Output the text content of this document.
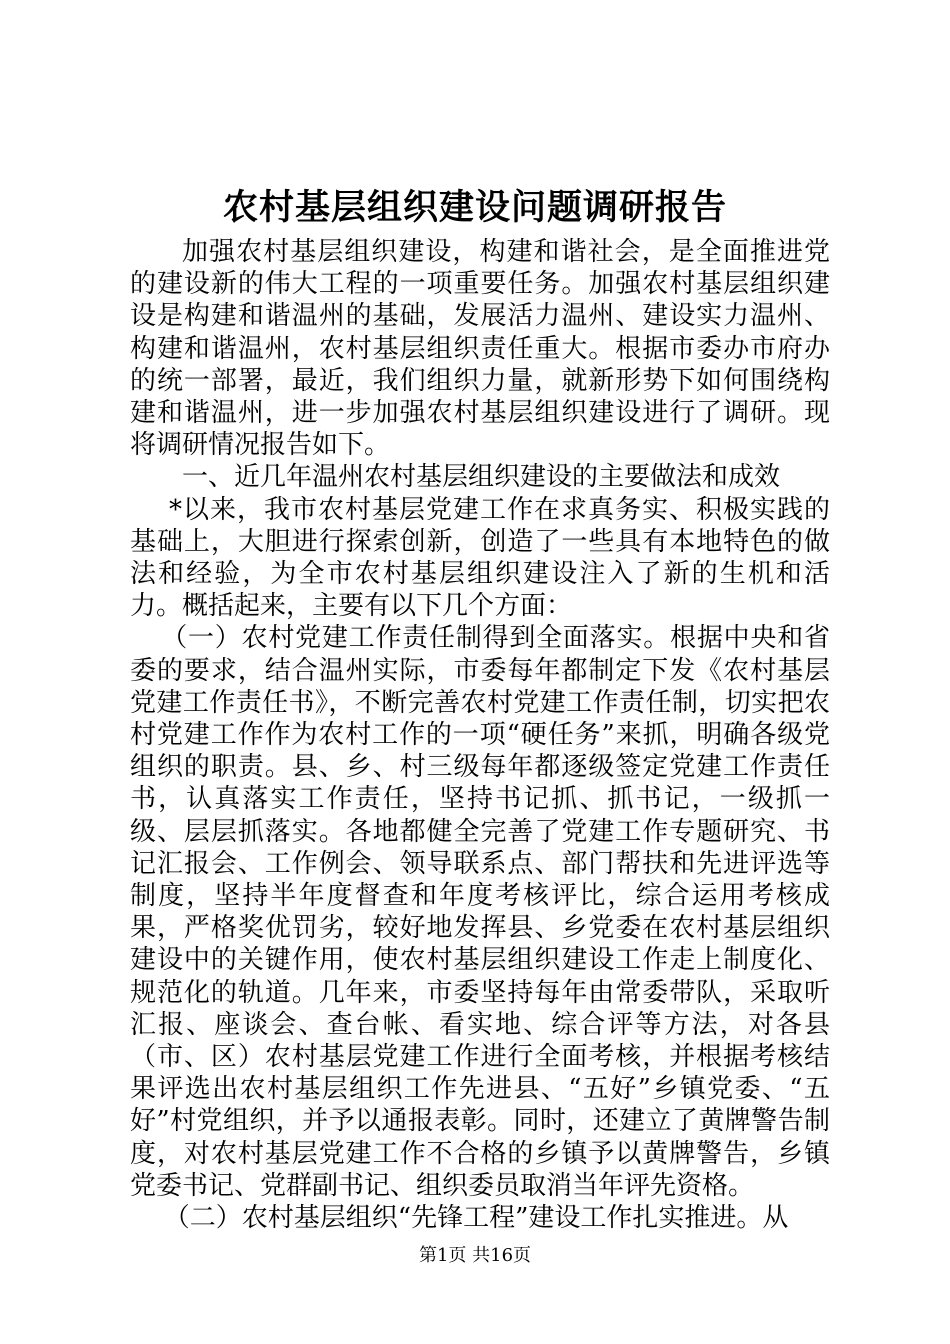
农村基层组织建设问题调研报告

加强农村基层组织建设，构建和谐社会，是全面推进党的建设新的伟大工程的一项重要任务。加强农村基层组织建设是构建和谐温州的基础，发展活力温州、建设实力温州、构建和谐温州，农村基层组织责任重大。根据市委办市府办的统一部署，最近，我们组织力量，就新形势下如何围绕构建和谐温州，进一步加强农村基层组织建设进行了调研。现将调研情况报告如下。

一、近几年温州农村基层组织建设的主要做法和成效

*以来，我市农村基层党建工作在求真务实、积极实践的基础上，大胆进行探索创新，创造了一些具有本地特色的做法和经验，为全市农村基层组织建设注入了新的生机和活力。概括起来，主要有以下几个方面：

（一）农村党建工作责任制得到全面落实。根据中央和省委的要求，结合温州实际，市委每年都制定下发《农村基层党建工作责任书》，不断完善农村党建工作责任制，切实把农村党建工作作为农村工作的一项“硬任务”来抓，明确各级党组织的职责。县、乡、村三级每年都逐级签定党建工作责任书，认真落实工作责任，坚持书记抓、抓书记，一级抓一级、层层抓落实。各地都健全完善了党建工作专题研究、书记汇报会、工作例会、领导联系点、部门帮扶和先进评选等制度，坚持半年度督查和年度考核评比，综合运用考核成果，严格奖优罚劣，较好地发挥县、乡党委在农村基层组织建设中的关键作用，使农村基层组织建设工作走上制度化、规范化的轨道。几年来，市委坚持每年由常委带队，采取听汇报、座谈会、查台帐、看实地、综合评等方法，对各县（市、区）农村基层党建工作进行全面考核，并根据考核结果评选出农村基层组织工作先进县、“五好”乡镇党委、“五好”村党组织，并予以通报表彰。同时，还建立了黄牌警告制度，对农村基层党建工作不合格的乡镇予以黄牌警告，乡镇党委书记、党群副书记、组织委员取消当年评先资格。

（二）农村基层组织“先锋工程”建设工作扎实推进。从

第1页 共16页
